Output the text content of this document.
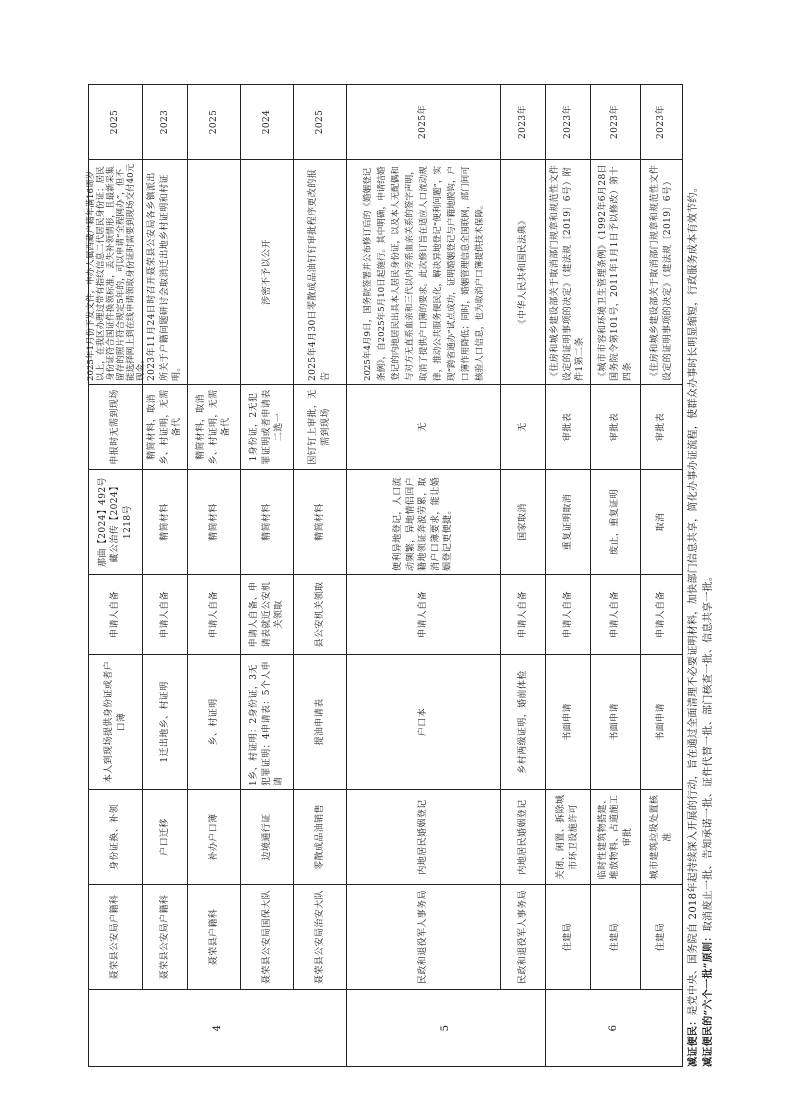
4
聂荣县公安局户籍科
身份证换、补领
本人到现场提供身份证或者户口簿
申请人自备
那曲【2024】492号 藏公治传【2024】1218号
申报时无需到现场
2025年1月份下发文件，申办人属西藏户籍年满16周岁以上，在我区办理过带有指纹信息二代居民身份证；居民身份证符合国证件换领标准，丢失补领情形，且最新采集留存的照片符合规定5年的，可以申请“全程网办”，但不能选择网上到在线申请领取身份证时需要到现场交付40元现金。
2025
聂荣县公安局户籍科
户口迁移
1迁出地乡、村证明
申请人自备
精简材料
精简材料，取消乡、村证明，无需备代
2023年11月24日时召开聂荣县公安局各乡镇派出所关于户籍问题研讨会取消迁出地乡村证明和村证明。
2023
聂荣县户籍科
补办户口簿
乡、村证明
申请人自备
精简材料
精简材料，取消乡、村证明，无需备代
2025
聂荣县公安局国保大队
边境通行证
1乡、村证明：2身份证，3无犯罪证明；4申请表：5个人申请
申请人自备、申请表就近公安机关领取
精简材料
1身份证，2无犯罪证明或者申请表二选一
涉密不予以公开
2024
聂荣县公安局治安大队
零散成品油销售
提油申请表
县公安机关领取
精简材料
因钉钉上审批，无需到现场
2025年4月30日零散成品油钉钉审批程序更改的报告
2025
5
民政和退役军人事务局
内地居民婚姻登记
户口本
申请人自备
便利异地登记，人口流动频繁，异地情侣回户籍地领证奔波劳累，取消户口簿要求，能让婚姻登记更便捷。
无
2025年4月9日，国务院签署并公布修订后的《婚姻登记条例》，自2025年5月10日起施行。其中明确，申请结婚登记的内地居民出具本人居民身份证，以及本人无配偶和与对方无直系血亲和三代以内旁系血亲关系的签字声明，取消了提供户口簿的要求。此次修订旨在适应人口流动规律，推动公共服务便民化，解决异地登记“便利问题”，实现“跨省通办”试点成功，证明婚姻登记与户籍地脱钩，户口簿作用降低；同时，婚姻管理信息全国联网，部门间可核验人口信息，也为取消户口簿提供技术保障。
2025年
民政和退役军人事务局
内地居民婚姻登记
乡村两级证明，婚前体检
申请人自备
国家取消
无
《中华人民共和国民法典》
2023年
6
住建局
关闭、闲置、拆除城市环卫设施许可
书面申请
申请人自备
重复证明取消
审批表
《住房和城乡建设部关于取消部门规章和规范性文件设定的证明事项的决定》（建法规〔2019〕6号）附件1第二条
2023年
住建局
临时性建筑物搭建、堆放物料、占道施工审批
书面申请
申请人自备
废止，重复证明
审批表
《城市市容和环境卫生管理条例》（1992年6月28日国务院令第101号，2011年1月1日予以修改）第十四条
2023年
住建局
城市建筑垃圾处置核准
书面申请
申请人自备
取消
审批表
《住房和城乡建设部关于取消部门规章和规范性文件设定的证明事项的决定》（建法规〔2019〕6号）
2023年
减证便民：是党中央、国务院自 2018年起持续深入开展的行动，旨在通过全面清理不必要证明材料，加快部门信息共享，简化办事办证流程，使群众办事时长明显缩短，行政服务成本有效节约。 减证便民的“六个一批”原则：取消废止一批、告知承诺一批、证件代替一批、部门核查一批、信息共享一批。
